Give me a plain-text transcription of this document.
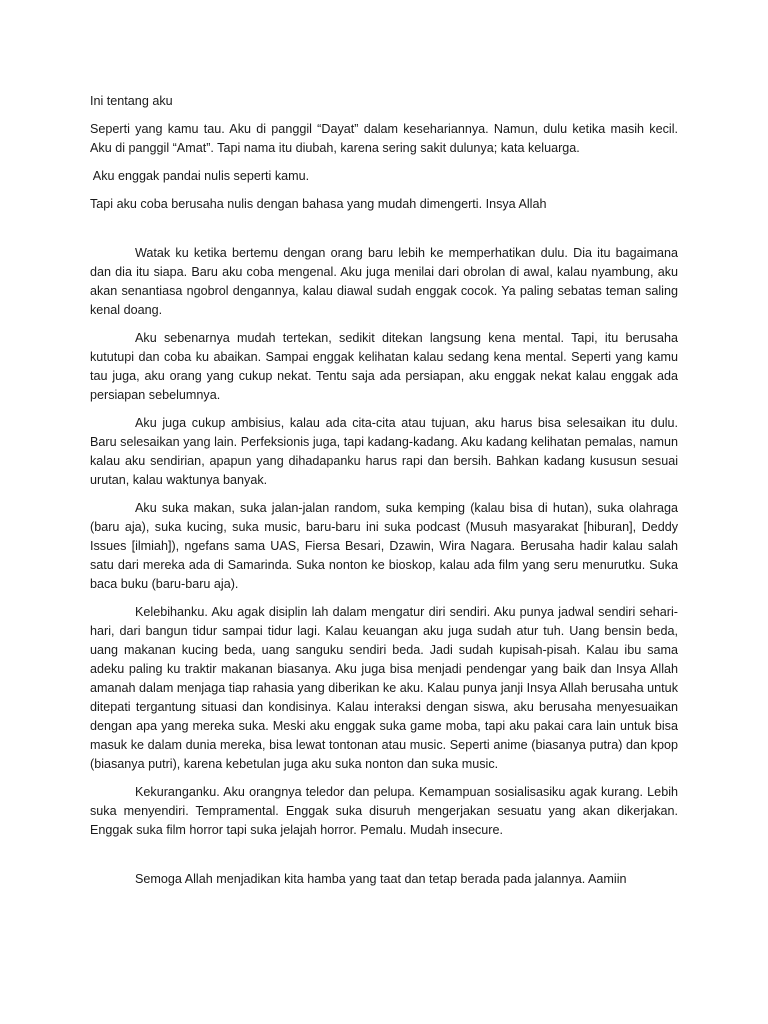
Ini tentang aku

Seperti yang kamu tau. Aku di panggil “Dayat” dalam kesehariannya. Namun, dulu ketika masih kecil. Aku di panggil “Amat”. Tapi nama itu diubah, karena sering sakit dulunya; kata keluarga.

Aku enggak pandai nulis seperti kamu.

Tapi aku coba berusaha nulis dengan bahasa yang mudah dimengerti. Insya Allah

Watak ku ketika bertemu dengan orang baru lebih ke memperhatikan dulu. Dia itu bagaimana dan dia itu siapa. Baru aku coba mengenal. Aku juga menilai dari obrolan di awal, kalau nyambung, aku akan senantiasa ngobrol dengannya, kalau diawal sudah enggak cocok. Ya paling sebatas teman saling kenal doang.

Aku sebenarnya mudah tertekan, sedikit ditekan langsung kena mental. Tapi, itu berusaha kututupi dan coba ku abaikan. Sampai enggak kelihatan kalau sedang kena mental. Seperti yang kamu tau juga, aku orang yang cukup nekat. Tentu saja ada persiapan, aku enggak nekat kalau enggak ada persiapan sebelumnya.

Aku juga cukup ambisius, kalau ada cita-cita atau tujuan, aku harus bisa selesaikan itu dulu. Baru selesaikan yang lain. Perfeksionis juga, tapi kadang-kadang. Aku kadang kelihatan pemalas, namun kalau aku sendirian, apapun yang dihadapanku harus rapi dan bersih. Bahkan kadang kususun sesuai urutan, kalau waktunya banyak.

Aku suka makan, suka jalan-jalan random, suka kemping (kalau bisa di hutan), suka olahraga (baru aja), suka kucing, suka music, baru-baru ini suka podcast (Musuh masyarakat [hiburan], Deddy Issues [ilmiah]), ngefans sama UAS, Fiersa Besari, Dzawin, Wira Nagara. Berusaha hadir kalau salah satu dari mereka ada di Samarinda. Suka nonton ke bioskop, kalau ada film yang seru menurutku. Suka baca buku (baru-baru aja).

Kelebihanku. Aku agak disiplin lah dalam mengatur diri sendiri. Aku punya jadwal sendiri sehari-hari, dari bangun tidur sampai tidur lagi. Kalau keuangan aku juga sudah atur tuh. Uang bensin beda, uang makanan kucing beda, uang sanguku sendiri beda. Jadi sudah kupisah-pisah. Kalau ibu sama adeku paling ku traktir makanan biasanya. Aku juga bisa menjadi pendengar yang baik dan Insya Allah amanah dalam menjaga tiap rahasia yang diberikan ke aku. Kalau punya janji Insya Allah berusaha untuk ditepati tergantung situasi dan kondisinya. Kalau interaksi dengan siswa, aku berusaha menyesuaikan dengan apa yang mereka suka. Meski aku enggak suka game moba, tapi aku pakai cara lain untuk bisa masuk ke dalam dunia mereka, bisa lewat tontonan atau music. Seperti anime (biasanya putra) dan kpop (biasanya putri), karena kebetulan juga aku suka nonton dan suka music.

Kekuranganku. Aku orangnya teledor dan pelupa. Kemampuan sosialisasiku agak kurang. Lebih suka menyendiri. Tempramental. Enggak suka disuruh mengerjakan sesuatu yang akan dikerjakan. Enggak suka film horror tapi suka jelajah horror. Pemalu. Mudah insecure.

Semoga Allah menjadikan kita hamba yang taat dan tetap berada pada jalannya. Aamiin
